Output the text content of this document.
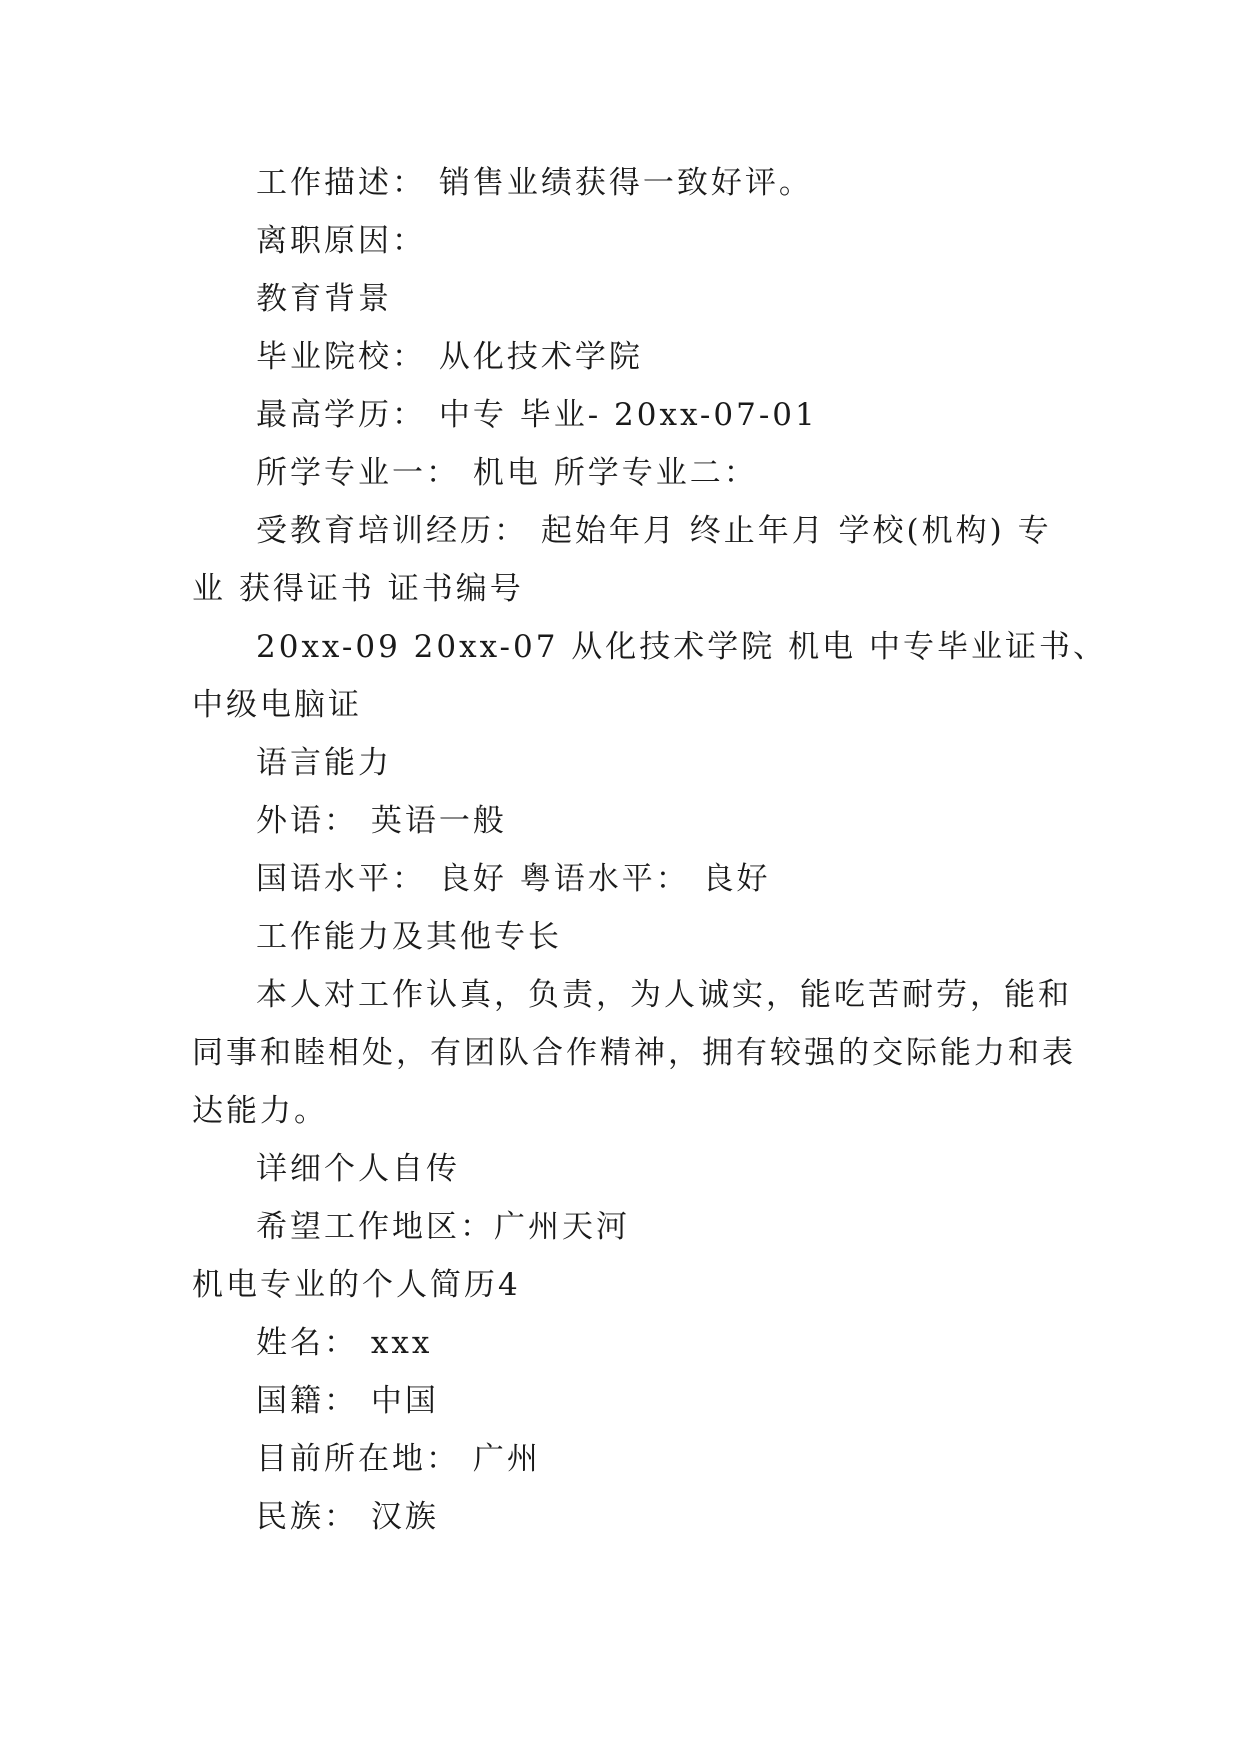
工作描述： 销售业绩获得一致好评。
离职原因：
教育背景
毕业院校： 从化技术学院
最高学历： 中专 毕业- 20xx-07-01
所学专业一： 机电 所学专业二：
受教育培训经历： 起始年月 终止年月 学校(机构) 专
业 获得证书 证书编号
20xx-09 20xx-07 从化技术学院 机电 中专毕业证书、
中级电脑证
语言能力
外语： 英语一般
国语水平： 良好 粤语水平： 良好
工作能力及其他专长
本人对工作认真，负责，为人诚实，能吃苦耐劳，能和
同事和睦相处，有团队合作精神，拥有较强的交际能力和表
达能力。
详细个人自传
希望工作地区：广州天河
机电专业的个人简历4
姓名： xxx
国籍： 中国
目前所在地： 广州
民族： 汉族
